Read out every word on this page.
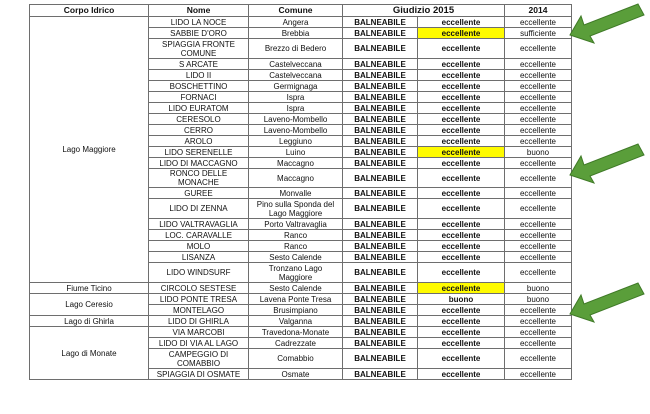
Corpo Idrico	Nome	Comune	Giudizio 2015		2014
Lago Maggiore	LIDO LA NOCE	Angera	BALNEABILE	eccellente	eccellente
	SABBIE D'ORO	Brebbia	BALNEABILE	eccellente	sufficiente
	SPIAGGIA FRONTE COMUNE	Brezzo di Bedero	BALNEABILE	eccellente	eccellente
	S ARCATE	Castelveccana	BALNEABILE	eccellente	eccellente
	LIDO II	Castelveccana	BALNEABILE	eccellente	eccellente
	BOSCHETTINO	Germignaga	BALNEABILE	eccellente	eccellente
	FORNACI	Ispra	BALNEABILE	eccellente	eccellente
	LIDO EURATOM	Ispra	BALNEABILE	eccellente	eccellente
	CERESOLO	Laveno-Mombello	BALNEABILE	eccellente	eccellente
	CERRO	Laveno-Mombello	BALNEABILE	eccellente	eccellente
	AROLO	Leggiuno	BALNEABILE	eccellente	eccellente
	LIDO SERENELLE	Luino	BALNEABILE	eccellente	buono
	LIDO DI MACCAGNO	Maccagno	BALNEABILE	eccellente	eccellente
	RONCO DELLE MONACHE	Maccagno	BALNEABILE	eccellente	eccellente
	GUREE	Monvalle	BALNEABILE	eccellente	eccellente
	LIDO DI ZENNA	Pino sulla Sponda del Lago Maggiore	BALNEABILE	eccellente	eccellente
	LIDO VALTRAVAGLIA	Porto Valtravaglia	BALNEABILE	eccellente	eccellente
	LOC. CARAVALLE	Ranco	BALNEABILE	eccellente	eccellente
	MOLO	Ranco	BALNEABILE	eccellente	eccellente
	LISANZA	Sesto Calende	BALNEABILE	eccellente	eccellente
	LIDO WINDSURF	Tronzano Lago Maggiore	BALNEABILE	eccellente	eccellente
Fiume Ticino	CIRCOLO SESTESE	Sesto Calende	BALNEABILE	eccellente	buono
Lago Ceresio	LIDO PONTE TRESA	Lavena Ponte Tresa	BALNEABILE	buono	buono
	MONTELAGO	Brusimpiano	BALNEABILE	eccellente	eccellente
Lago di Ghirla	LIDO DI GHIRLA	Valganna	BALNEABILE	eccellente	eccellente
Lago di Monate	VIA MARCOBI	Travedona-Monate	BALNEABILE	eccellente	eccellente
	LIDO DI VIA AL LAGO	Cadrezzate	BALNEABILE	eccellente	eccellente
	CAMPEGGIO DI COMABBIO	Comabbio	BALNEABILE	eccellente	eccellente
	SPIAGGIA DI OSMATE	Osmate	BALNEABILE	eccellente	eccellente
